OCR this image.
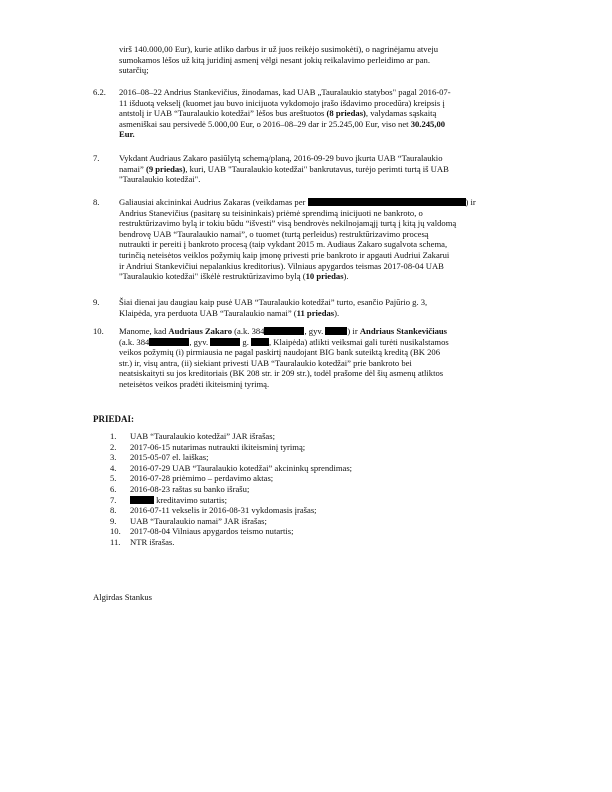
virš 140.000,00 Eur), kurie atliko darbus ir už juos reikėjo susimokėti), o nagrinėjamu atveju
sumokamos lėšos už kitą juridinį asmenį vėlgi nesant jokių reikalavimo perleidimo ar pan.
sutarčių;
6.2.	2016–08–22 Andrius Stankevičius, žinodamas, kad UAB „Tauralaukio statybos" pagal 2016-07-
11 išduotą vekselį (kuomet jau buvo inicijuota vykdomojo įrašo išdavimo procedūra) kreipsis į
antstolį ir UAB “Tauralaukio kotedžai” lėšos bus areštuotos (8 priedas), valydamas sąskaitą
asmeniškai sau persivedė 5.000,00 Eur, o 2016–08–29 dar ir 25.245,00 Eur, viso net 30.245,00
Eur.
7.	Vykdant Audriaus Zakaro pasiūlytą schemą/planą, 2016-09-29 buvo įkurta UAB “Tauralaukio
namai” (9 priedas), kuri, UAB "Tauralaukio kotedžai" bankrutavus, turėjo perimti turtą iš UAB
"Tauralaukio kotedžai".
8.	Galiausiai akcininkai Audrius Zakaras (veikdamas per	) ir
Andrius Stanevičius (pasitarę su teisininkais) priėmė sprendimą inicijuoti ne bankroto, o
restruktūrizavimo bylą ir tokiu būdu “išvesti” visą bendrovės nekilnojamąjį turtą į kitą jų valdomą
bendrovę UAB “Tauralaukio namai”, o tuomet (turtą perleidus) restruktūrizavimo procesą
nutraukti ir pereiti į bankroto procesą (taip vykdant 2015 m. Audiaus Zakaro sugalvota schema,
turinčią neteisėtos veiklos požymių kaip įmonę privesti prie bankroto ir apgauti Audriui Zakarui
ir Andriui Stankevičiui nepalankius kreditorius). Vilniaus apygardos teismas 2017-08-04 UAB
"Tauralaukio kotedžai" iškėlė restruktūrizavimo bylą (10 priedas).
9.	Šiai dienai jau daugiau kaip pusė UAB “Tauralaukio kotedžai” turto, esančio Pajūrio g. 3,
Klaipėda, yra perduota UAB “Tauralaukio namai” (11 priedas).
10.	Manome, kad Audriaus Zakaro (a.k. 384	, gyv.	) ir Andriaus Stankevičiaus
(a.k. 384	, gyv.	g. , Klaipėda) atlikti veiksmai gali turėti nusikalstamos
veikos požymių (i) pirmiausia ne pagal paskirtį naudojant BIG bank suteiktą kreditą (BK 206
str.) ir, visų antra, (ii) siekiant privesti UAB “Tauralaukio kotedžai” prie bankroto bei
neatsiskaityti su jos kreditoriais (BK 208 str. ir 209 str.), todėl prašome dėl šių asmenų atliktos
neteisėtos veikos pradėti ikiteisminį tyrimą.
PRIEDAI:
1.	UAB “Tauralaukio kotedžai” JAR išrašas;
2.	2017-06-15 nutarimas nutraukti ikiteisminį tyrimą;
3.	2015-05-07 el. laiškas;
4.	2016-07-29 UAB “Tauralaukio kotedžai” akcininkų sprendimas;
5.	2016-07-28 priėmimo – perdavimo aktas;
6.	2016-08-23 raštas su banko išrašu;
7.	kreditavimo sutartis;
8.	2016-07-11 vekselis ir 2016-08-31 vykdomasis įrašas;
9.	UAB “Tauralaukio namai” JAR išrašas;
10.	2017-08-04 Vilniaus apygardos teismo nutartis;
11.	NTR išrašas.
Algirdas Stankus
